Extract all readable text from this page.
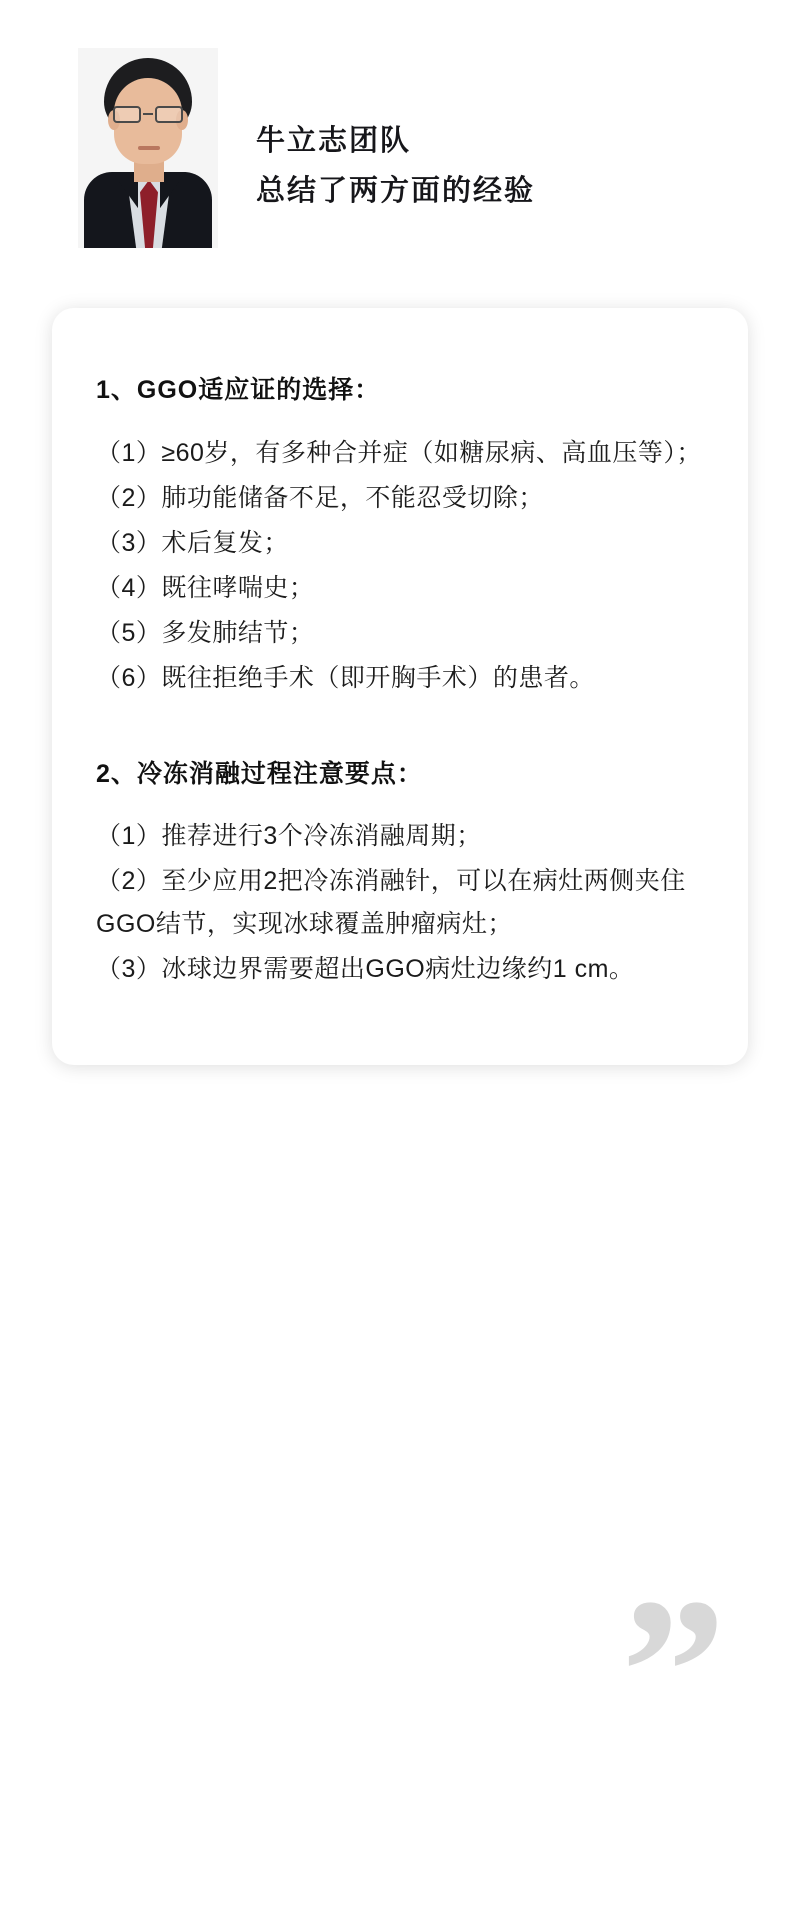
牛立志团队
总结了两方面的经验
1、GGO适应证的选择：

（1）≥60岁，有多种合并症（如糖尿病、高血压等）；

（2）肺功能储备不足，不能忍受切除；

（3）术后复发；

（4）既往哮喘史；

（5）多发肺结节；

（6）既往拒绝手术（即开胸手术）的患者。

2、冷冻消融过程注意要点：

（1）推荐进行3个冷冻消融周期；

（2）至少应用2把冷冻消融针，可以在病灶两侧夹住GGO结节，实现冰球覆盖肿瘤病灶；

（3）冰球边界需要超出GGO病灶边缘约1 cm。

”
